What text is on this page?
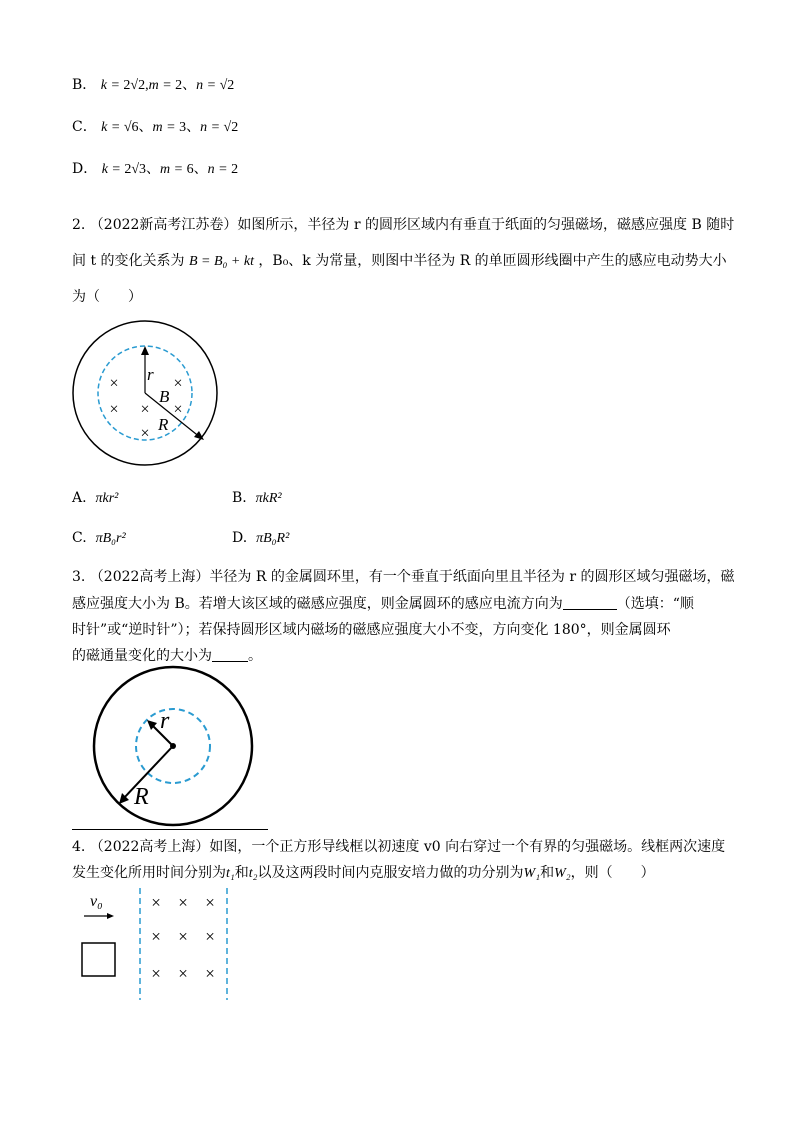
B． k = 2√2,m = 2、n = √2
C． k = √6、m = 3、n = √2
D． k = 2√3、m = 6、n = 2
2. （2022新高考江苏卷）如图所示，半径为 r 的圆形区域内有垂直于纸面的匀强磁场，磁感应强度 B 随时
间 t 的变化关系为 B = B₀ + kt ，B₀、k 为常量，则图中半径为 R 的单匝圆形线圈中产生的感应电动势大小
为（　　）
r
B
R
×	×
× × ×
×
A. πkr²	B. πkR²
C. πB₀r²	D. πB₀R²
3. （2022高考上海）半径为 R 的金属圆环里，有一个垂直于纸面向里且半径为 r 的圆形区域匀强磁场，磁
感应强度大小为 B。若增大该区域的磁感应强度，则金属圆环的感应电流方向为	（选填：“顺
时针”或“逆时针”）；若保持圆形区域内磁场的磁感应强度大小不变，方向变化 180°，则金属圆环
的磁通量变化的大小为	。
r
R
4. （2022高考上海）如图，一个正方形导线框以初速度 v0 向右穿过一个有界的匀强磁场。线框两次速度
发生变化所用时间分别为t₁和t₂以及这两段时间内克服安培力做的功分别为W₁和W₂，则（　　）
v₀	× × ×
× × ×
× × ×
